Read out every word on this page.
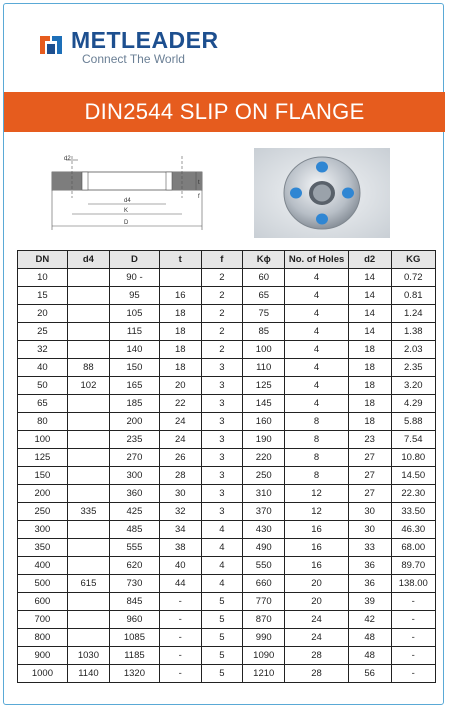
METLEADER
Connect The World
DIN2544 SLIP ON FLANGE
d2
d4
K
D
t
f
DN	d4	D	t	f	Kϕ	No. of Holes	d2	KG
10		90 -		2	60	4	14	0.72
15		95	16	2	65	4	14	0.81
20		105	18	2	75	4	14	1.24
25		115	18	2	85	4	14	1.38
32		140	18	2	100	4	18	2.03
40	88	150	18	3	110	4	18	2.35
50	102	165	20	3	125	4	18	3.20
65		185	22	3	145	4	18	4.29
80		200	24	3	160	8	18	5.88
100		235	24	3	190	8	23	7.54
125		270	26	3	220	8	27	10.80
150		300	28	3	250	8	27	14.50
200		360	30	3	310	12	27	22.30
250	335	425	32	3	370	12	30	33.50
300		485	34	4	430	16	30	46.30
350		555	38	4	490	16	33	68.00
400		620	40	4	550	16	36	89.70
500	615	730	44	4	660	20	36	138.00
600		845	-	5	770	20	39	-
700		960	-	5	870	24	42	-
800		1085	-	5	990	24	48	-
900	1030	1185	-	5	1090	28	48	-
1000	1140	1320	-	5	1210	28	56	-
